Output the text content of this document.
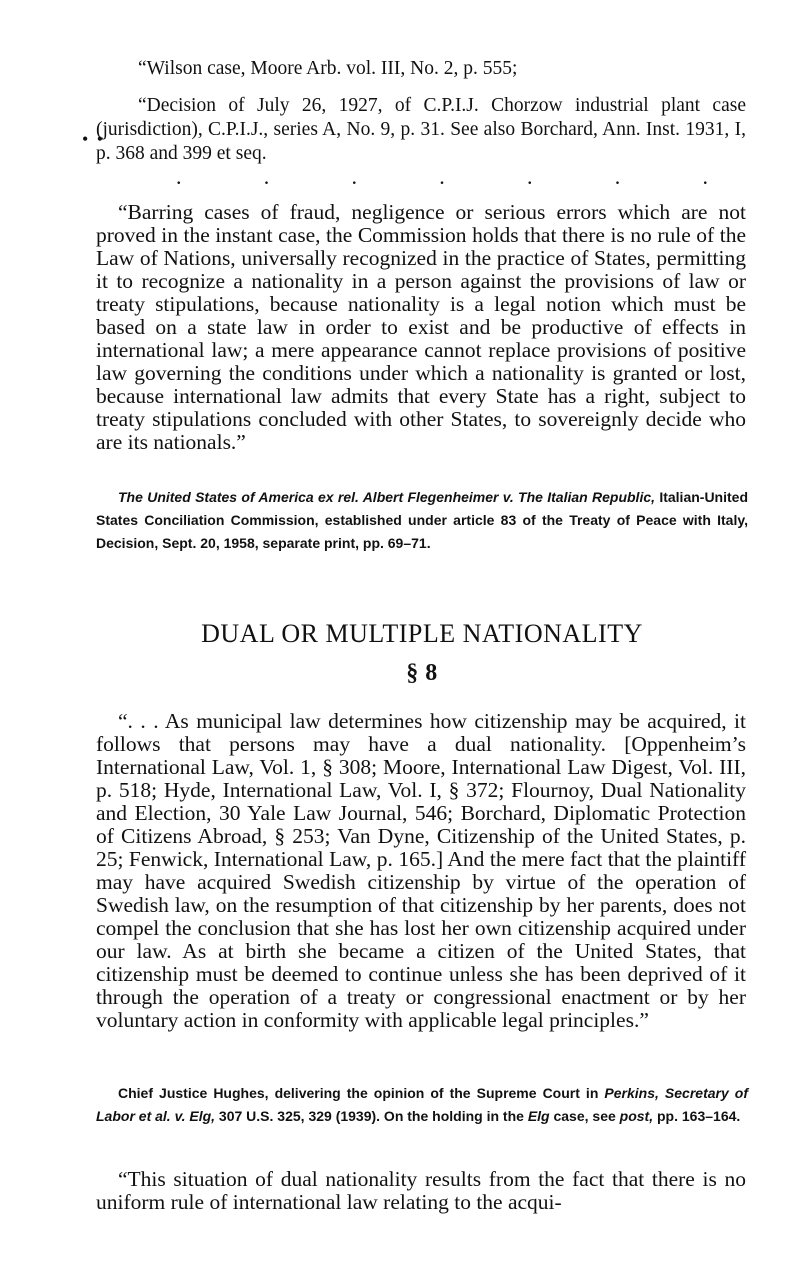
“Wilson case, Moore Arb. vol. III, No. 2, p. 555;

“Decision of July 26, 1927, of C.P.I.J. Chorzow industrial plant case (jurisdiction), C.P.I.J., series A, No. 9, p. 31. See also Borchard, Ann. Inst. 1931, I, p. 368 and 399 et seq.

• •
.	.	.	.	.	.	.

“Barring cases of fraud, negligence or serious errors which are not proved in the instant case, the Commission holds that there is no rule of the Law of Nations, universally recognized in the practice of States, permitting it to recognize a nationality in a person against the provisions of law or treaty stipulations, because nationality is a legal notion which must be based on a state law in order to exist and be productive of effects in international law; a mere appearance cannot replace provisions of positive law governing the conditions under which a nationality is granted or lost, because international law admits that every State has a right, subject to treaty stipulations concluded with other States, to sovereignly decide who are its nationals.”

The United States of America ex rel. Albert Flegenheimer v. The Italian Republic, Italian-United States Conciliation Commission, established under article 83 of the Treaty of Peace with Italy, Decision, Sept. 20, 1958, separate print, pp. 69–71.

DUAL OR MULTIPLE NATIONALITY
§ 8

“. . . As municipal law determines how citizenship may be acquired, it follows that persons may have a dual nationality. [Oppenheim’s International Law, Vol. 1, § 308; Moore, International Law Digest, Vol. III, p. 518; Hyde, International Law, Vol. I, § 372; Flournoy, Dual Nationality and Election, 30 Yale Law Journal, 546; Borchard, Diplomatic Protection of Citizens Abroad, § 253; Van Dyne, Citizenship of the United States, p. 25; Fenwick, International Law, p. 165.] And the mere fact that the plaintiff may have acquired Swedish citizenship by virtue of the operation of Swedish law, on the resumption of that citizenship by her parents, does not compel the conclusion that she has lost her own citizenship acquired under our law. As at birth she became a citizen of the United States, that citizenship must be deemed to continue unless she has been deprived of it through the operation of a treaty or congressional enactment or by her voluntary action in conformity with applicable legal principles.”

Chief Justice Hughes, delivering the opinion of the Supreme Court in Perkins, Secretary of Labor et al. v. Elg, 307 U.S. 325, 329 (1939). On the holding in the Elg case, see post, pp. 163–164.

“This situation of dual nationality results from the fact that there is no uniform rule of international law relating to the acqui-
